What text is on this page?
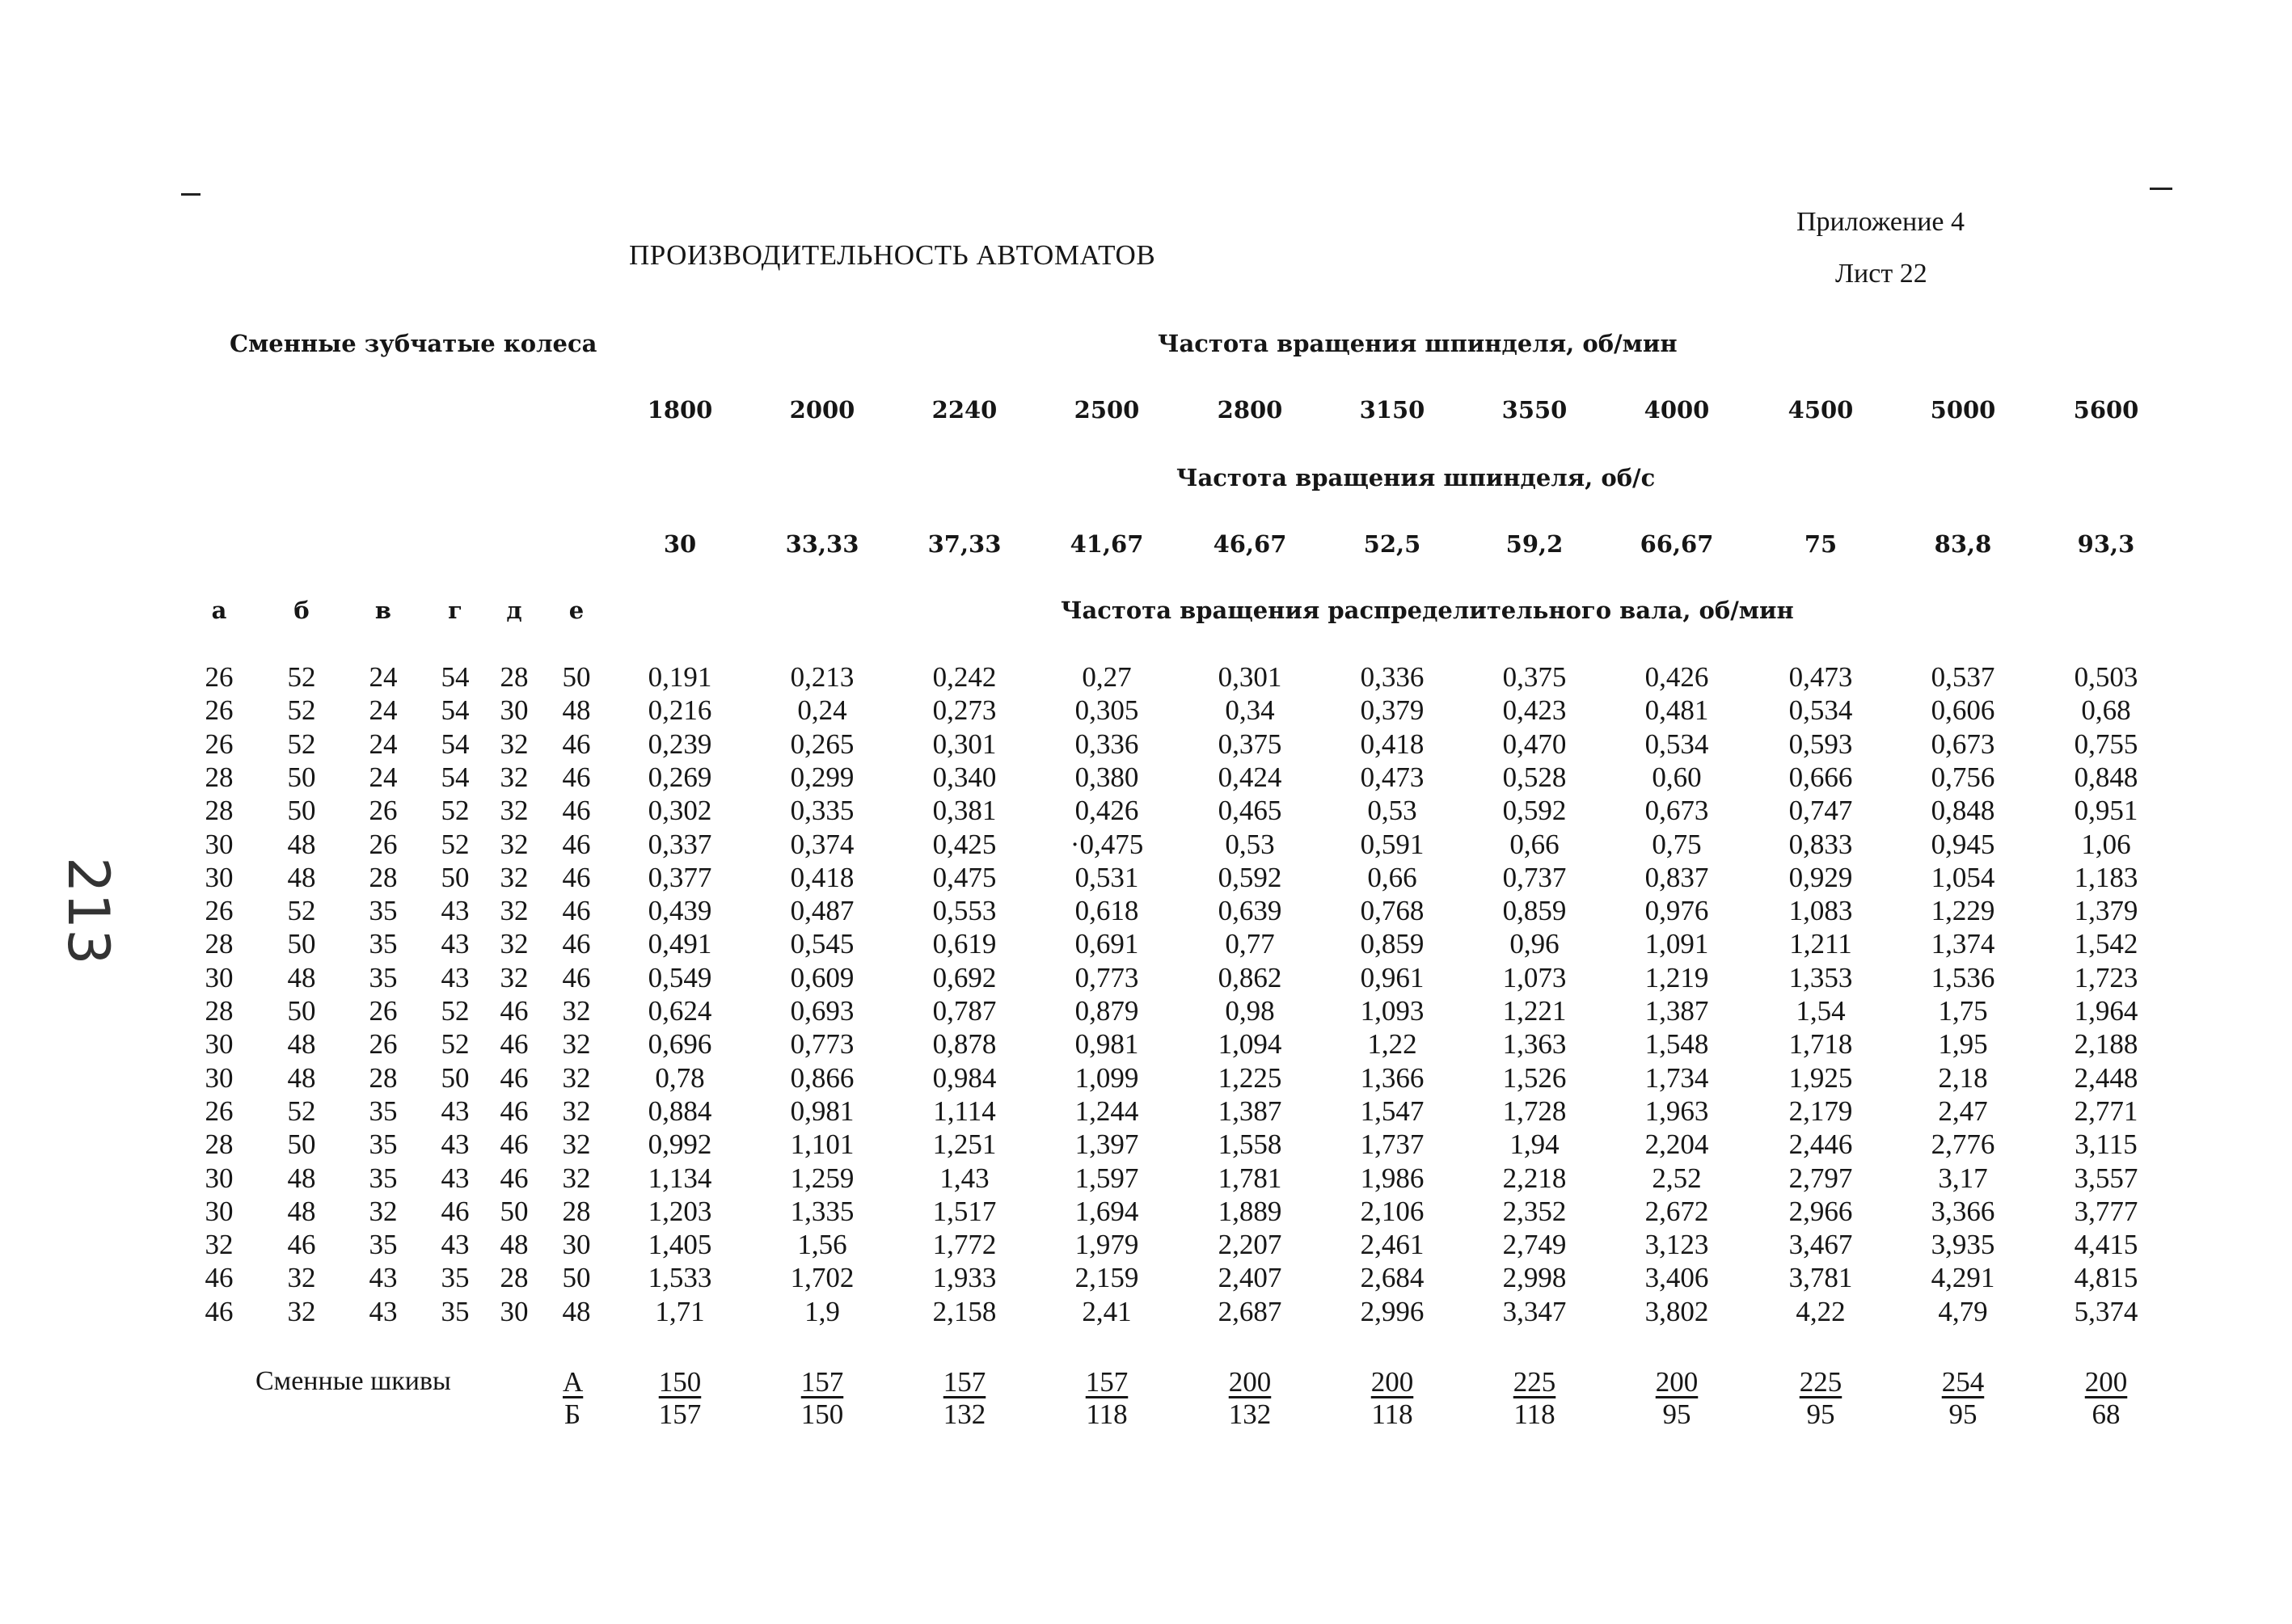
ПРОИЗВОДИТЕЛЬНОСТЬ АВТОМАТОВ
Приложение 4
Лист 22
213
Сменные зубчатые колеса	Частота вращения шпинделя, об/мин
1800	2000	2240	2500	2800	3150	3550	4000	4500	5000	5600
Частота вращения шпинделя, об/с
30	33,33	37,33	41,67	46,67	52,5	59,2	66,67	75	83,8	93,3
а	б	в	г	д	е	Частота вращения распределительного вала, об/мин
26	52	24	54	28	50	0,191	0,213	0,242	0,27	0,301	0,336	0,375	0,426	0,473	0,537	0,503
26	52	24	54	30	48	0,216	0,24	0,273	0,305	0,34	0,379	0,423	0,481	0,534	0,606	0,68
26	52	24	54	32	46	0,239	0,265	0,301	0,336	0,375	0,418	0,470	0,534	0,593	0,673	0,755
28	50	24	54	32	46	0,269	0,299	0,340	0,380	0,424	0,473	0,528	0,60	0,666	0,756	0,848
28	50	26	52	32	46	0,302	0,335	0,381	0,426	0,465	0,53	0,592	0,673	0,747	0,848	0,951
30	48	26	52	32	46	0,337	0,374	0,425	·0,475	0,53	0,591	0,66	0,75	0,833	0,945	1,06
30	48	28	50	32	46	0,377	0,418	0,475	0,531	0,592	0,66	0,737	0,837	0,929	1,054	1,183
26	52	35	43	32	46	0,439	0,487	0,553	0,618	0,639	0,768	0,859	0,976	1,083	1,229	1,379
28	50	35	43	32	46	0,491	0,545	0,619	0,691	0,77	0,859	0,96	1,091	1,211	1,374	1,542
30	48	35	43	32	46	0,549	0,609	0,692	0,773	0,862	0,961	1,073	1,219	1,353	1,536	1,723
28	50	26	52	46	32	0,624	0,693	0,787	0,879	0,98	1,093	1,221	1,387	1,54	1,75	1,964
30	48	26	52	46	32	0,696	0,773	0,878	0,981	1,094	1,22	1,363	1,548	1,718	1,95	2,188
30	48	28	50	46	32	0,78	0,866	0,984	1,099	1,225	1,366	1,526	1,734	1,925	2,18	2,448
26	52	35	43	46	32	0,884	0,981	1,114	1,244	1,387	1,547	1,728	1,963	2,179	2,47	2,771
28	50	35	43	46	32	0,992	1,101	1,251	1,397	1,558	1,737	1,94	2,204	2,446	2,776	3,115
30	48	35	43	46	32	1,134	1,259	1,43	1,597	1,781	1,986	2,218	2,52	2,797	3,17	3,557
30	48	32	46	50	28	1,203	1,335	1,517	1,694	1,889	2,106	2,352	2,672	2,966	3,366	3,777
32	46	35	43	48	30	1,405	1,56	1,772	1,979	2,207	2,461	2,749	3,123	3,467	3,935	4,415
46	32	43	35	28	50	1,533	1,702	1,933	2,159	2,407	2,684	2,998	3,406	3,781	4,291	4,815
46	32	43	35	30	48	1,71	1,9	2,158	2,41	2,687	2,996	3,347	3,802	4,22	4,79	5,374
Сменные шкивы	А
Б
150	157	157	157	200	200	225	200	225	254	200
157	150	132	118	132	118	118	95	95	95	68
